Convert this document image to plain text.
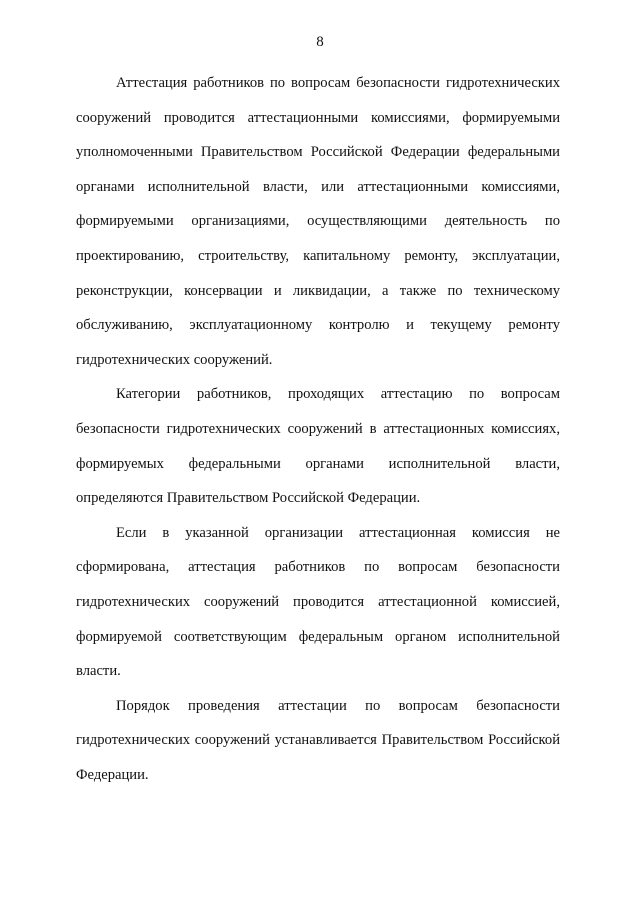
8

Аттестация работников по вопросам безопасности гидротехнических сооружений проводится аттестационными комиссиями, формируемыми уполномоченными Правительством Российской Федерации федеральными органами исполнительной власти, или аттестационными комиссиями, формируемыми организациями, осуществляющими деятельность по проектированию, строительству, капитальному ремонту, эксплуатации, реконструкции, консервации и ликвидации, а также по техническому обслуживанию, эксплуатационному контролю и текущему ремонту гидротехнических сооружений.

Категории работников, проходящих аттестацию по вопросам безопасности гидротехнических сооружений в аттестационных комиссиях, формируемых федеральными органами исполнительной власти, определяются Правительством Российской Федерации.

Если в указанной организации аттестационная комиссия не сформирована, аттестация работников по вопросам безопасности гидротехнических сооружений проводится аттестационной комиссией, формируемой соответствующим федеральным органом исполнительной власти.

Порядок проведения аттестации по вопросам безопасности гидротехнических сооружений устанавливается Правительством Российской Федерации.
